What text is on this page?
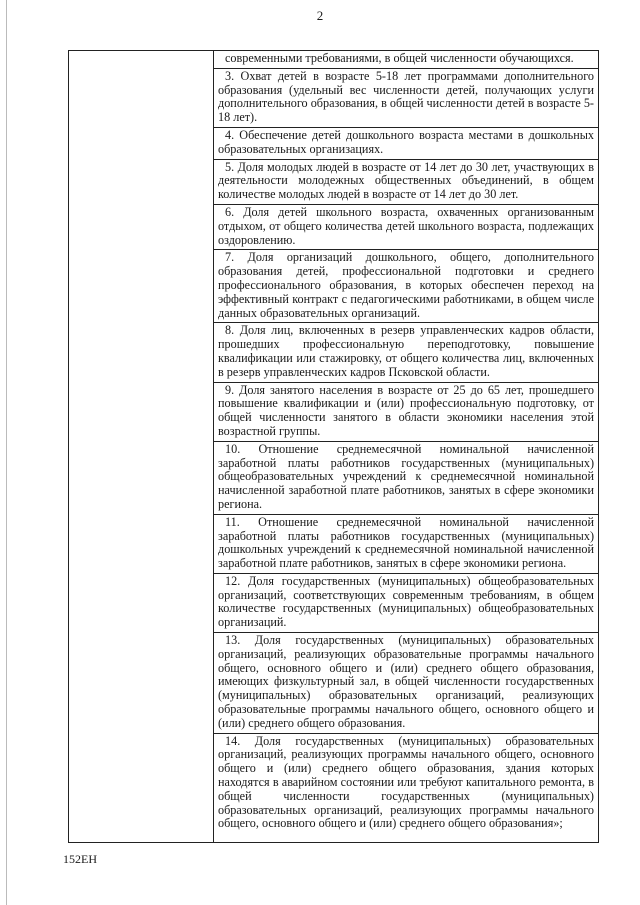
2

современными требованиями, в общей численности обучающихся.

3. Охват детей в возрасте 5-18 лет программами дополнительного образования (удельный вес численности детей, получающих услуги дополнительного образования, в общей численности детей в возрасте 5-18 лет).

4. Обеспечение детей дошкольного возраста местами в дошкольных образовательных организациях.

5. Доля молодых людей в возрасте от 14 лет до 30 лет, участвующих в деятельности молодежных общественных объединений, в общем количестве молодых людей в возрасте от 14 лет до 30 лет.

6. Доля детей школьного возраста, охваченных организованным отдыхом, от общего количества детей школьного возраста, подлежащих оздоровлению.

7. Доля организаций дошкольного, общего, дополнительного образования детей, профессиональной подготовки и среднего профессионального образования, в которых обеспечен переход на эффективный контракт с педагогическими работниками, в общем числе данных образовательных организаций.

8. Доля лиц, включенных в резерв управленческих кадров области, прошедших профессиональную переподготовку, повышение квалификации или стажировку, от общего количества лиц, включенных в резерв управленческих кадров Псковской области.

9. Доля занятого населения в возрасте от 25 до 65 лет, прошедшего повышение квалификации и (или) профессиональную подготовку, от общей численности занятого в области экономики населения этой возрастной группы.

10. Отношение среднемесячной номинальной начисленной заработной платы работников государственных (муниципальных) общеобразовательных учреждений к среднемесячной номинальной начисленной заработной плате работников, занятых в сфере экономики региона.

11. Отношение среднемесячной номинальной начисленной заработной платы работников государственных (муниципальных) дошкольных учреждений к среднемесячной номинальной начисленной заработной плате работников, занятых в сфере экономики региона.

12. Доля государственных (муниципальных) общеобразовательных организаций, соответствующих современным требованиям, в общем количестве государственных (муниципальных) общеобразовательных организаций.

13. Доля государственных (муниципальных) образовательных организаций, реализующих образовательные программы начального общего, основного общего и (или) среднего общего образования, имеющих физкультурный зал, в общей численности государственных (муниципальных) образовательных организаций, реализующих образовательные программы начального общего, основного общего и (или) среднего общего образования.

14. Доля государственных (муниципальных) образовательных организаций, реализующих программы начального общего, основного общего и (или) среднего общего образования, здания которых находятся в аварийном состоянии или требуют капитального ремонта, в общей численности государственных (муниципальных) образовательных организаций, реализующих программы начального общего, основного общего и (или) среднего общего образования»;

152EH
